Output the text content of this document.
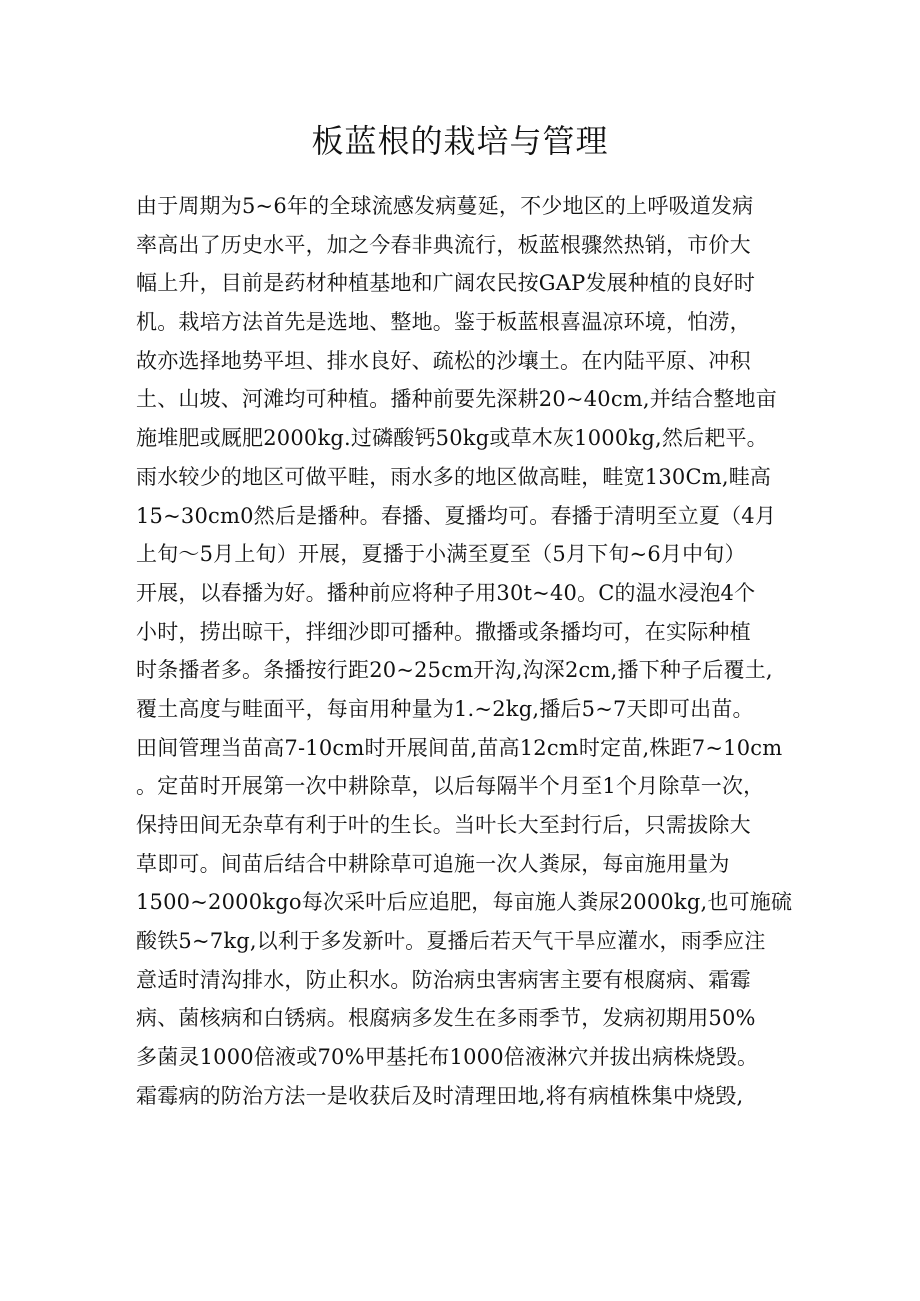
板蓝根的栽培与管理
由于周期为5~6年的全球流感发病蔓延，不少地区的上呼吸道发病
率高出了历史水平，加之今春非典流行，板蓝根骤然热销，市价大
幅上升，目前是药材种植基地和广阔农民按GAP发展种植的良好时
机。栽培方法首先是选地、整地。鉴于板蓝根喜温凉环境，怕涝，
故亦选择地势平坦、排水良好、疏松的沙壤土。在内陆平原、冲积
土、山坡、河滩均可种植。播种前要先深耕20~40cm,并结合整地亩
施堆肥或厩肥2000kg.过磷酸钙50kg或草木灰1000kg,然后耙平。
雨水较少的地区可做平畦，雨水多的地区做高畦，畦宽130Cm,畦高
15~30cm0然后是播种。春播、夏播均可。春播于清明至立夏（4月
上旬～5月上旬）开展，夏播于小满至夏至（5月下旬~6月中旬）
开展，以春播为好。播种前应将种子用30t~40。C的温水浸泡4个
小时，捞出晾干，拌细沙即可播种。撒播或条播均可，在实际种植
时条播者多。条播按行距20~25cm开沟,沟深2cm,播下种子后覆土,
覆土高度与畦面平，每亩用种量为1.~2kg,播后5~7天即可出苗。
田间管理当苗高7-10cm时开展间苗,苗高12cm时定苗,株距7~10cm
。定苗时开展第一次中耕除草，以后每隔半个月至1个月除草一次，
保持田间无杂草有利于叶的生长。当叶长大至封行后，只需拔除大
草即可。间苗后结合中耕除草可追施一次人粪尿，每亩施用量为
1500~2000kgo每次采叶后应追肥，每亩施人粪尿2000kg,也可施硫
酸铁5~7kg,以利于多发新叶。夏播后若天气干旱应灌水，雨季应注
意适时清沟排水，防止积水。防治病虫害病害主要有根腐病、霜霉
病、菌核病和白锈病。根腐病多发生在多雨季节，发病初期用50%
多菌灵1000倍液或70%甲基托布1000倍液淋穴并拔出病株烧毁。
霜霉病的防治方法一是收获后及时清理田地,将有病植株集中烧毁,
